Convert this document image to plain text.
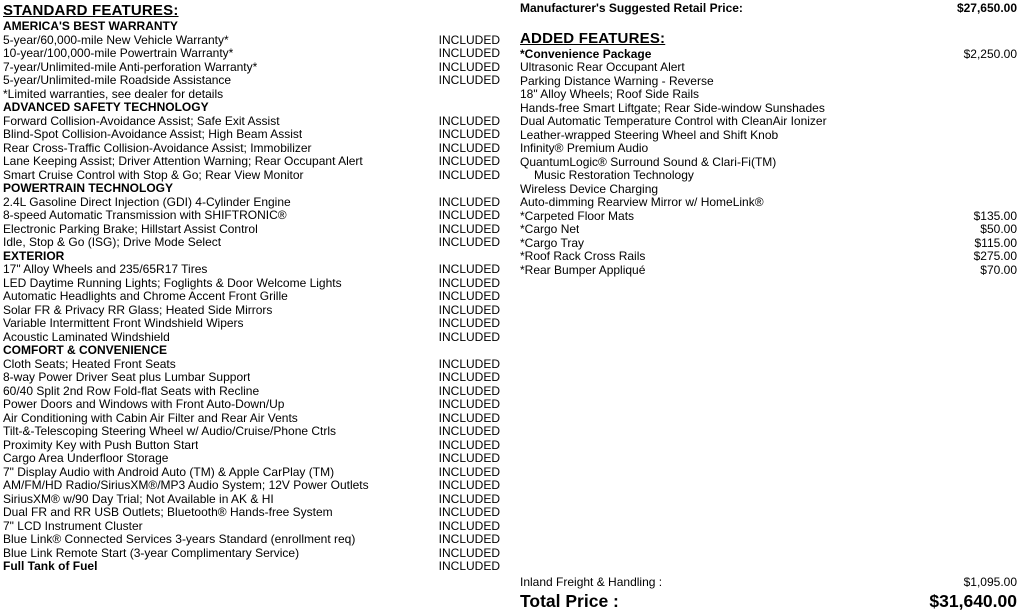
STANDARD FEATURES:
AMERICA'S BEST WARRANTY
5-year/60,000-mile New Vehicle Warranty*	INCLUDED
10-year/100,000-mile Powertrain Warranty*	INCLUDED
7-year/Unlimited-mile Anti-perforation Warranty*	INCLUDED
5-year/Unlimited-mile Roadside Assistance	INCLUDED
*Limited warranties, see dealer for details
ADVANCED SAFETY TECHNOLOGY
Forward Collision-Avoidance Assist; Safe Exit Assist	INCLUDED
Blind-Spot Collision-Avoidance Assist; High Beam Assist	INCLUDED
Rear Cross-Traffic Collision-Avoidance Assist; Immobilizer	INCLUDED
Lane Keeping Assist; Driver Attention Warning; Rear Occupant Alert	INCLUDED
Smart Cruise Control with Stop & Go; Rear View Monitor	INCLUDED
POWERTRAIN TECHNOLOGY
2.4L Gasoline Direct Injection (GDI) 4-Cylinder Engine	INCLUDED
8-speed Automatic Transmission with SHIFTRONIC®	INCLUDED
Electronic Parking Brake; Hillstart Assist Control	INCLUDED
Idle, Stop & Go (ISG); Drive Mode Select	INCLUDED
EXTERIOR
17" Alloy Wheels and 235/65R17 Tires	INCLUDED
LED Daytime Running Lights; Foglights & Door Welcome Lights	INCLUDED
Automatic Headlights and Chrome Accent Front Grille	INCLUDED
Solar FR & Privacy RR Glass; Heated Side Mirrors	INCLUDED
Variable Intermittent Front Windshield Wipers	INCLUDED
Acoustic Laminated Windshield	INCLUDED
COMFORT & CONVENIENCE
Cloth Seats; Heated Front Seats	INCLUDED
8-way Power Driver Seat plus Lumbar Support	INCLUDED
60/40 Split 2nd Row Fold-flat Seats with Recline	INCLUDED
Power Doors and Windows with Front Auto-Down/Up	INCLUDED
Air Conditioning with Cabin Air Filter and Rear Air Vents	INCLUDED
Tilt-&-Telescoping Steering Wheel w/ Audio/Cruise/Phone Ctrls	INCLUDED
Proximity Key with Push Button Start	INCLUDED
Cargo Area Underfloor Storage	INCLUDED
7" Display Audio with Android Auto (TM) & Apple CarPlay (TM)	INCLUDED
AM/FM/HD Radio/SiriusXM®/MP3 Audio System; 12V Power Outlets	INCLUDED
SiriusXM® w/90 Day Trial; Not Available in AK & HI	INCLUDED
Dual FR and RR USB Outlets; Bluetooth® Hands-free System	INCLUDED
7" LCD Instrument Cluster	INCLUDED
Blue Link® Connected Services 3-years Standard (enrollment req)	INCLUDED
Blue Link Remote Start (3-year Complimentary Service)	INCLUDED
Full Tank of Fuel	INCLUDED
Manufacturer's Suggested Retail Price:	$27,650.00
ADDED FEATURES:
*Convenience Package	$2,250.00
Ultrasonic Rear Occupant Alert
Parking Distance Warning - Reverse
18" Alloy Wheels; Roof Side Rails
Hands-free Smart Liftgate; Rear Side-window Sunshades
Dual Automatic Temperature Control with CleanAir Ionizer
Leather-wrapped Steering Wheel and Shift Knob
Infinity® Premium Audio
QuantumLogic® Surround Sound & Clari-Fi(TM)
Music Restoration Technology
Wireless Device Charging
Auto-dimming Rearview Mirror w/ HomeLink®
*Carpeted Floor Mats	$135.00
*Cargo Net	$50.00
*Cargo Tray	$115.00
*Roof Rack Cross Rails	$275.00
*Rear Bumper Appliqué	$70.00
Inland Freight & Handling :	$1,095.00
Total Price :	$31,640.00
